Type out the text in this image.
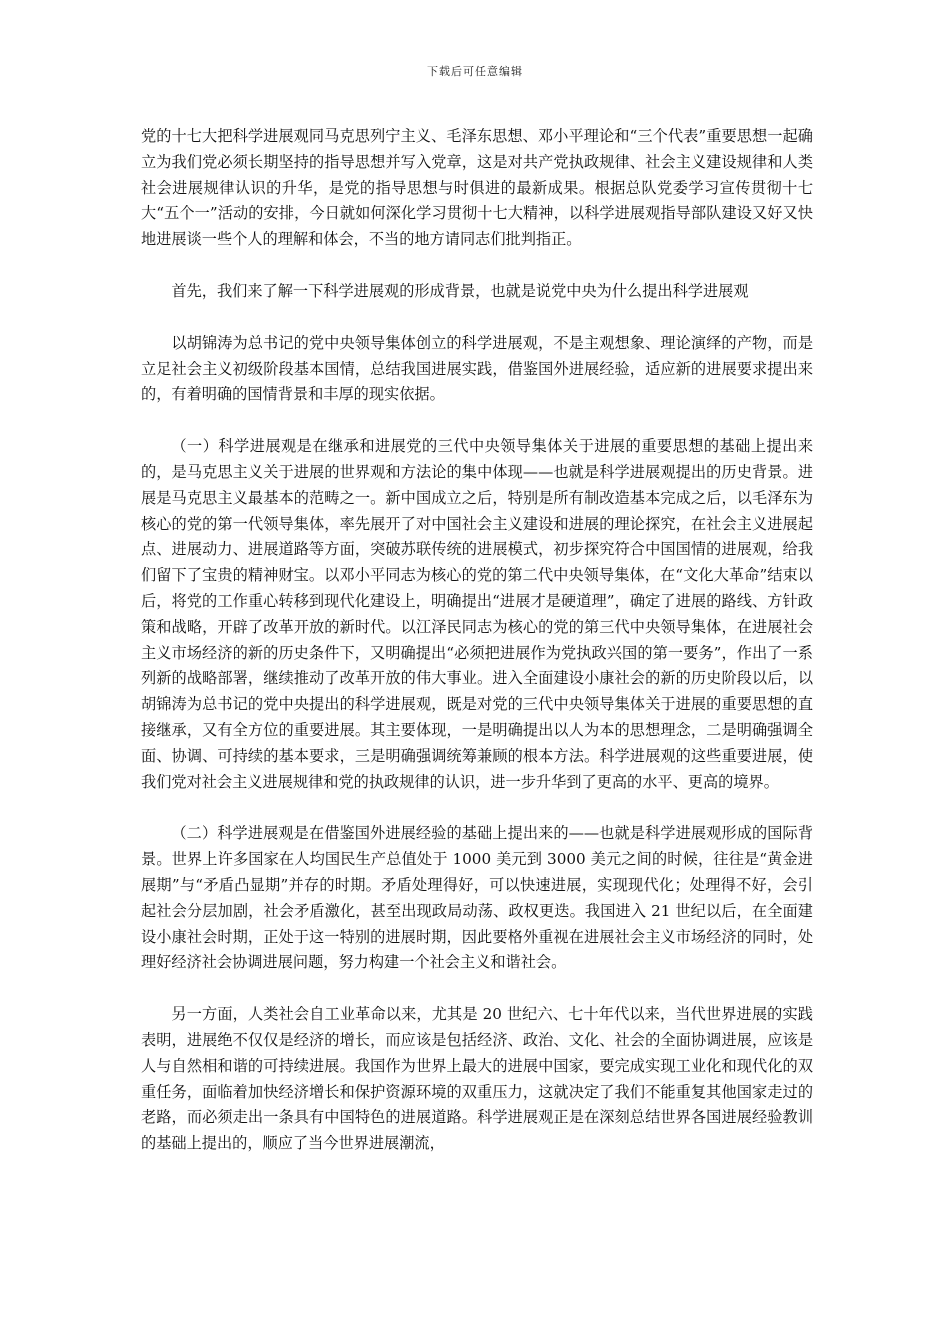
下载后可任意编辑

党的十七大把科学进展观同马克思列宁主义、毛泽东思想、邓小平理论和“三个代表”重要思想一起确立为我们党必须长期坚持的指导思想并写入党章，这是对共产党执政规律、社会主义建设规律和人类社会进展规律认识的升华，是党的指导思想与时俱进的最新成果。根据总队党委学习宣传贯彻十七大“五个一”活动的安排，今日就如何深化学习贯彻十七大精神，以科学进展观指导部队建设又好又快地进展谈一些个人的理解和体会，不当的地方请同志们批判指正。

首先，我们来了解一下科学进展观的形成背景，也就是说党中央为什么提出科学进展观

以胡锦涛为总书记的党中央领导集体创立的科学进展观，不是主观想象、理论演绎的产物，而是立足社会主义初级阶段基本国情，总结我国进展实践，借鉴国外进展经验，适应新的进展要求提出来的，有着明确的国情背景和丰厚的现实依据。

（一）科学进展观是在继承和进展党的三代中央领导集体关于进展的重要思想的基础上提出来的，是马克思主义关于进展的世界观和方法论的集中体现——也就是科学进展观提出的历史背景。进展是马克思主义最基本的范畴之一。新中国成立之后，特别是所有制改造基本完成之后，以毛泽东为核心的党的第一代领导集体，率先展开了对中国社会主义建设和进展的理论探究，在社会主义进展起点、进展动力、进展道路等方面，突破苏联传统的进展模式，初步探究符合中国国情的进展观，给我们留下了宝贵的精神财宝。以邓小平同志为核心的党的第二代中央领导集体，在“文化大革命”结束以后，将党的工作重心转移到现代化建设上，明确提出“进展才是硬道理”，确定了进展的路线、方针政策和战略，开辟了改革开放的新时代。以江泽民同志为核心的党的第三代中央领导集体，在进展社会主义市场经济的新的历史条件下，又明确提出“必须把进展作为党执政兴国的第一要务”，作出了一系列新的战略部署，继续推动了改革开放的伟大事业。进入全面建设小康社会的新的历史阶段以后，以胡锦涛为总书记的党中央提出的科学进展观，既是对党的三代中央领导集体关于进展的重要思想的直接继承，又有全方位的重要进展。其主要体现，一是明确提出以人为本的思想理念，二是明确强调全面、协调、可持续的基本要求，三是明确强调统筹兼顾的根本方法。科学进展观的这些重要进展，使我们党对社会主义进展规律和党的执政规律的认识，进一步升华到了更高的水平、更高的境界。

（二）科学进展观是在借鉴国外进展经验的基础上提出来的——也就是科学进展观形成的国际背景。世界上许多国家在人均国民生产总值处于 1000 美元到 3000 美元之间的时候，往往是“黄金进展期”与“矛盾凸显期”并存的时期。矛盾处理得好，可以快速进展，实现现代化；处理得不好，会引起社会分层加剧，社会矛盾激化，甚至出现政局动荡、政权更迭。我国进入 21 世纪以后，在全面建设小康社会时期，正处于这一特别的进展时期，因此要格外重视在进展社会主义市场经济的同时，处理好经济社会协调进展问题，努力构建一个社会主义和谐社会。

另一方面，人类社会自工业革命以来，尤其是 20 世纪六、七十年代以来，当代世界进展的实践表明，进展绝不仅仅是经济的增长，而应该是包括经济、政治、文化、社会的全面协调进展，应该是人与自然相和谐的可持续进展。我国作为世界上最大的进展中国家，要完成实现工业化和现代化的双重任务，面临着加快经济增长和保护资源环境的双重压力，这就决定了我们不能重复其他国家走过的老路，而必须走出一条具有中国特色的进展道路。科学进展观正是在深刻总结世界各国进展经验教训的基础上提出的，顺应了当今世界进展潮流，
